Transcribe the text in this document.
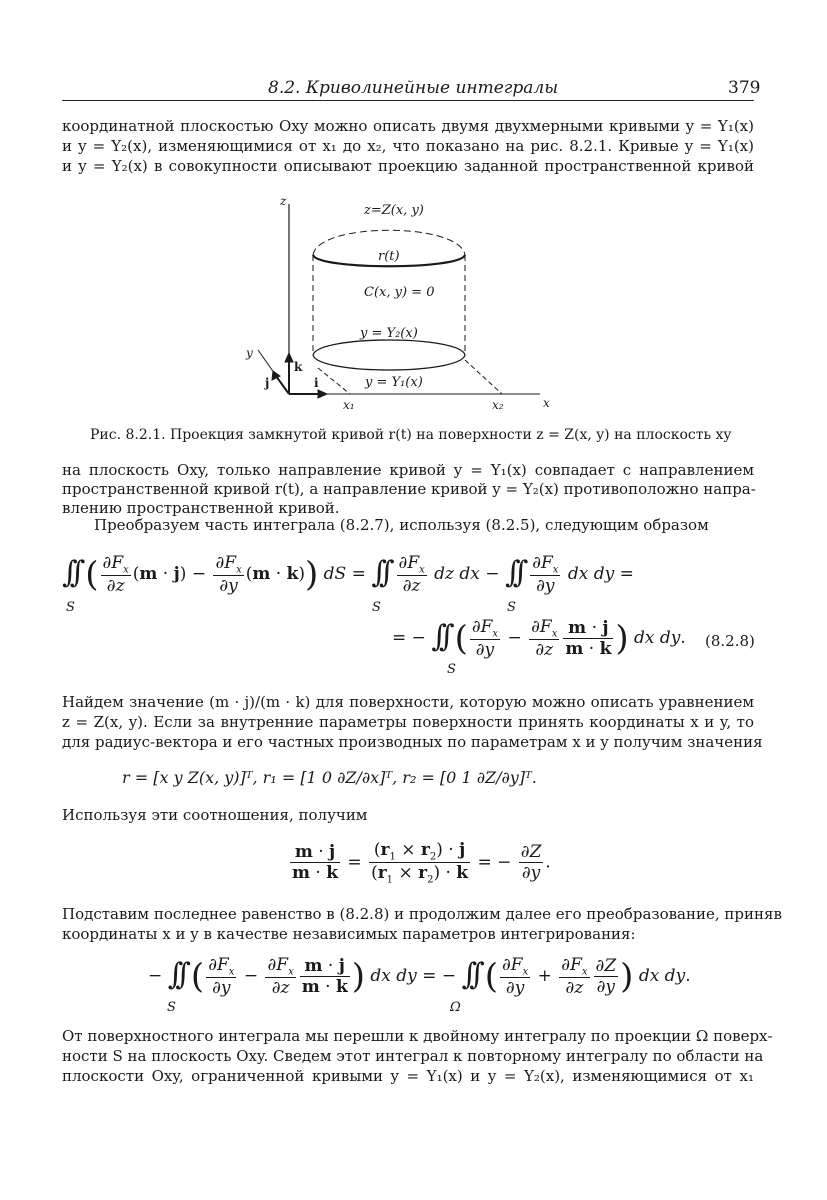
8.2. Криволинейные интегралы	379
координатной плоскостью Oxy можно описать двумя двухмерными кривыми y = Y₁(x)
и y = Y₂(x), изменяющимися от x₁ до x₂, что показано на рис. 8.2.1. Кривые y = Y₁(x)
и y = Y₂(x) в совокупности описывают проекцию заданной пространственной кривой
z
z=Z(x, y)
r(t)
C(x, y) = 0
y = Y₂(x)
y = Y₁(x)
y
k
j	i
x₁	x₂	x
Рис. 8.2.1. Проекция замкнутой кривой r(t) на поверхности z = Z(x, y) на плоскость xy
на плоскость Oxy, только направление кривой y = Y₁(x) совпадает с направлением
пространственной кривой r(t), а направление кривой y = Y₂(x) противоположно напра-
влению пространственной кривой.
Преобразуем часть интеграла (8.2.7), используя (8.2.5), следующим образом
∫∫ ( $\frac{\partial F_x}{\partial z} (m \cdot j) - \frac{\partial F_x}{\partial y} (m \cdot k)$) dS = ∫∫ $\frac{\partial F_x}{\partial z}$ dz dx − ∫∫ $\frac{\partial F_x}{\partial y}$ dx dy =
S	S	S
= − ∫∫ ( $\frac{\partial F_x}{\partial y} - \frac{\partial F_x}{\partial z} \frac{m \cdot j}{m \cdot k}$ ) dx dy.
S
(8.2.8)
Найдем значение (m · j)/(m · k) для поверхности, которую можно описать уравнением
z = Z(x, y). Если за внутренние параметры поверхности принять координаты x и y, то
для радиус-вектора и его частных производных по параметрам x и y получим значения
r = [x y Z(x, y)]ᵀ, r₁ = [1 0 ∂Z/∂x]ᵀ, r₂ = [0 1 ∂Z/∂y]ᵀ.
Используя эти соотношения, получим
$\frac{m \cdot j}{m \cdot k} = \frac{(r_1 \times r_2) \cdot j}{(r_1 \times r_2) \cdot k}$ = − $\frac{\partial Z}{\partial y}$ .
Подставим последнее равенство в (8.2.8) и продолжим далее его преобразование, приняв
координаты x и y в качестве независимых параметров интегрирования:
− ∫∫ ( $\frac{\partial F_x}{\partial y} - \frac{\partial F_x}{\partial z} \frac{m \cdot j}{m \cdot k}$ ) dx dy = − ∫∫ ( $\frac{\partial F_x}{\partial y} + \frac{\partial F_x}{\partial z} \frac{\partial Z}{\partial y}$ ) dx dy.
S	Ω
От поверхностного интеграла мы перешли к двойному интегралу по проекции Ω поверх-
ности S на плоскость Oxy. Сведем этот интеграл к повторному интегралу по области на
плоскости Oxy, ограниченной кривыми y = Y₁(x) и y = Y₂(x), изменяющимися от x₁
